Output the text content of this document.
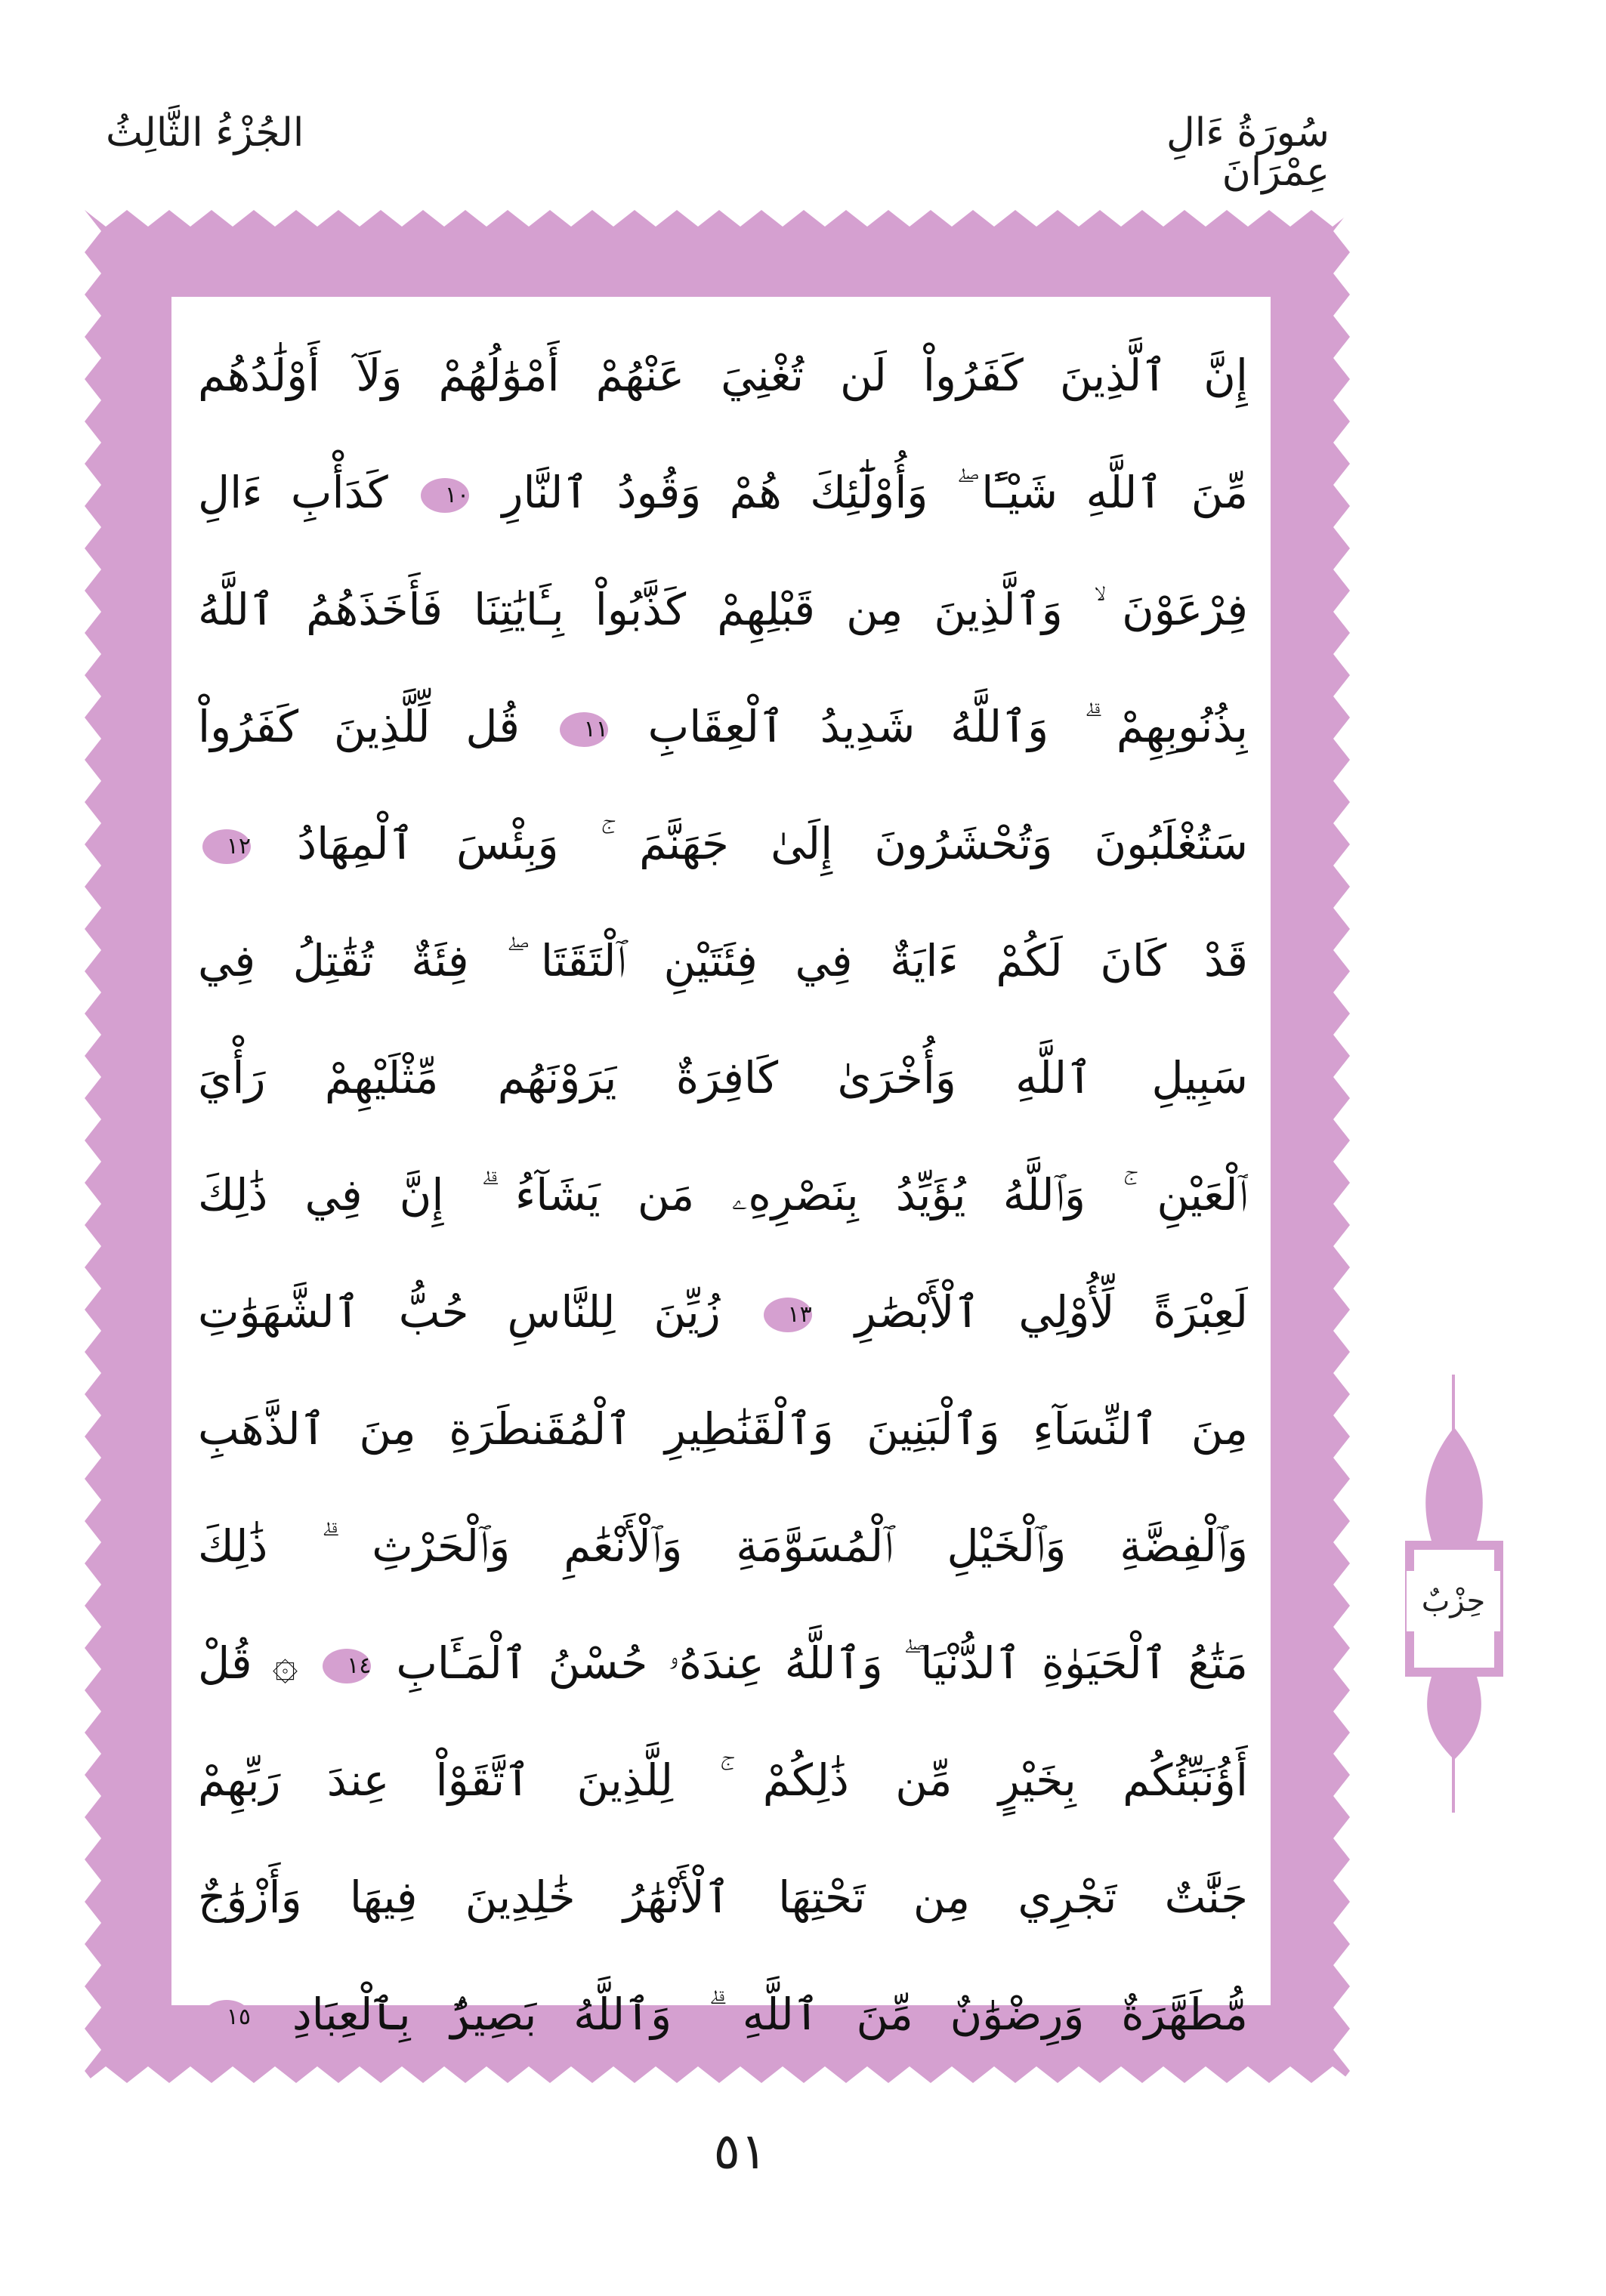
الجُزْءُ الثَّالِثُ	سُورَةُ ءَالِ عِمْرَانَ
إِنَّ ٱلَّذِينَ كَفَرُواْ لَن تُغْنِيَ عَنْهُمْ أَمْوَٰلُهُمْ وَلَآ أَوْلَٰدُهُم
مِّنَ ٱللَّهِ شَيْـًٔا ۖ وَأُوْلَٰٓئِكَ هُمْ وَقُودُ ٱلنَّارِ ١٠ كَدَأْبِ ءَالِ
فِرْعَوْنَ ۙ وَٱلَّذِينَ مِن قَبْلِهِمْ كَذَّبُواْ بِـَٔايَٰتِنَا فَأَخَذَهُمُ ٱللَّهُ
بِذُنُوبِهِمْ ۗ وَٱللَّهُ شَدِيدُ ٱلْعِقَابِ ١١ قُل لِّلَّذِينَ كَفَرُواْ
سَتُغْلَبُونَ وَتُحْشَرُونَ إِلَىٰ جَهَنَّمَ ۚ وَبِئْسَ ٱلْمِهَادُ ١٢
قَدْ كَانَ لَكُمْ ءَايَةٌ فِي فِئَتَيْنِ ٱلْتَقَتَا ۖ فِئَةٌ تُقَٰتِلُ فِي
سَبِيلِ ٱللَّهِ وَأُخْرَىٰ كَافِرَةٌ يَرَوْنَهُم مِّثْلَيْهِمْ رَأْيَ
ٱلْعَيْنِ ۚ وَٱللَّهُ يُؤَيِّدُ بِنَصْرِهِۦ مَن يَشَآءُ ۗ إِنَّ فِي ذَٰلِكَ
لَعِبْرَةً لِّأُوْلِي ٱلْأَبْصَٰرِ ١٣ زُيِّنَ لِلنَّاسِ حُبُّ ٱلشَّهَوَٰتِ
مِنَ ٱلنِّسَآءِ وَٱلْبَنِينَ وَٱلْقَنَٰطِيرِ ٱلْمُقَنطَرَةِ مِنَ ٱلذَّهَبِ
وَٱلْفِضَّةِ وَٱلْخَيْلِ ٱلْمُسَوَّمَةِ وَٱلْأَنْعَٰمِ وَٱلْحَرْثِ ۗ ذَٰلِكَ
مَتَٰعُ ٱلْحَيَوٰةِ ٱلدُّنْيَا ۖ وَٱللَّهُ عِندَهُۥ حُسْنُ ٱلْمَـَٔابِ ١٤ ۞ قُلْ
أَؤُنَبِّئُكُم بِخَيْرٍ مِّن ذَٰلِكُمْ ۚ لِلَّذِينَ ٱتَّقَوْاْ عِندَ رَبِّهِمْ
جَنَّٰتٌ تَجْرِي مِن تَحْتِهَا ٱلْأَنْهَٰرُ خَٰلِدِينَ فِيهَا وَأَزْوَٰجٌ
مُّطَهَّرَةٌ وَرِضْوَٰنٌ مِّنَ ٱللَّهِ ۗ وَٱللَّهُ بَصِيرٌۢ بِٱلْعِبَادِ ١٥
حِزْبٌ
٥١
